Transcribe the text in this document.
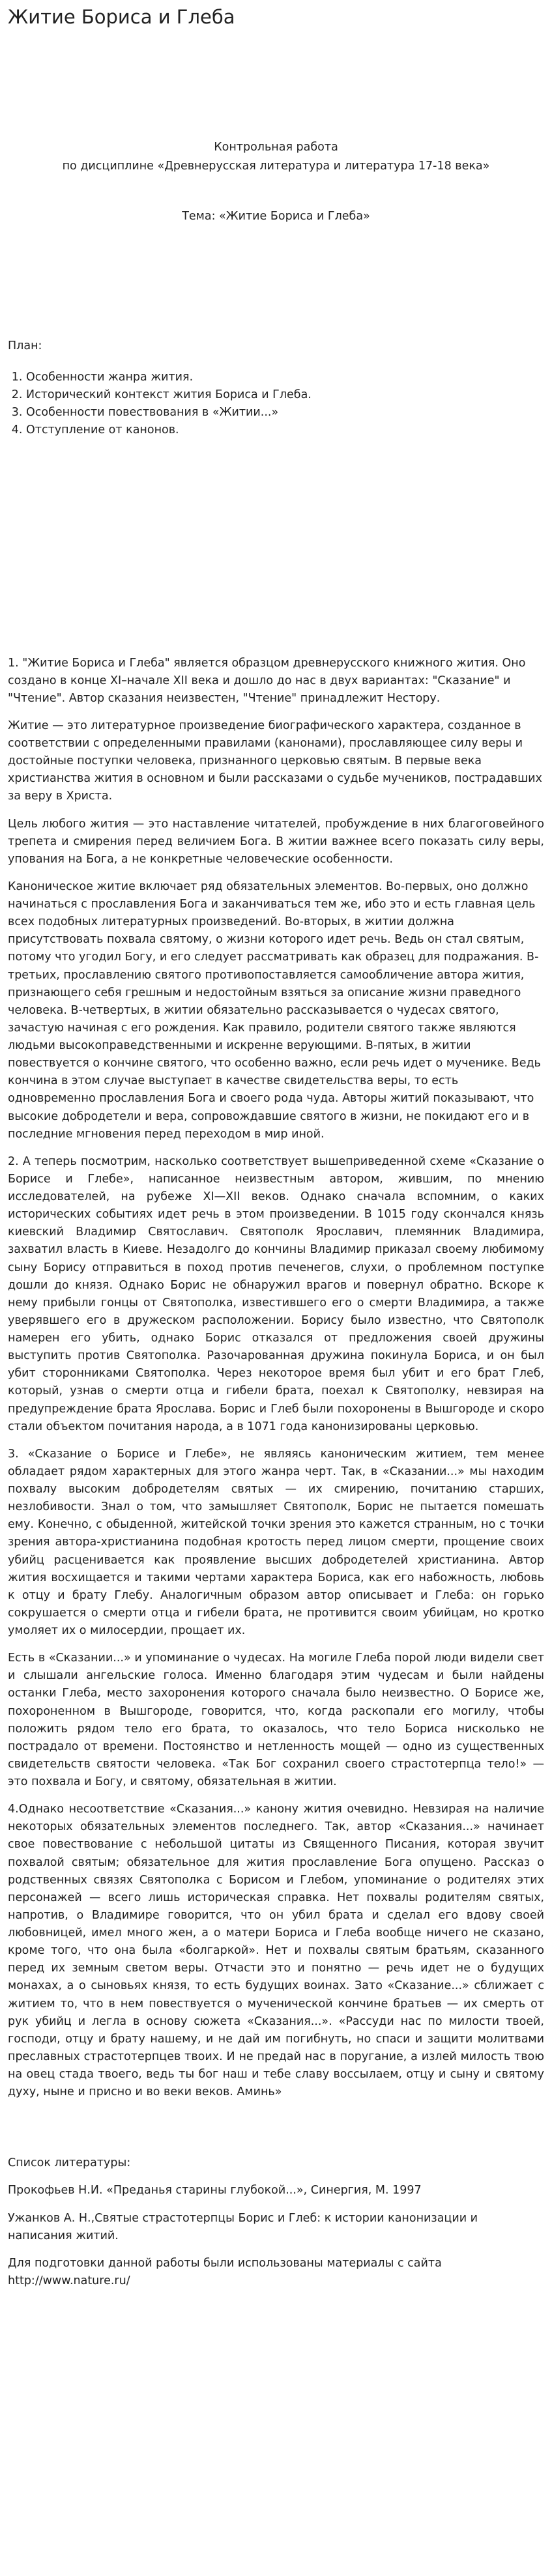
Житие Бориса и Глеба
Контрольная работа
по дисциплине «Древнерусская литература и литература 17-18 века»
Тема: «Житие Бориса и Глеба»
План:
1. Особенности жанра жития.
2. Исторический контекст жития Бориса и Глеба.
3. Особенности повествования в «Житии...»
4. Отступление от канонов.

1. "Житие Бориса и Глеба" является образцом древнерусского книжного жития. Оно создано в конце XI–начале XII века и дошло до нас в двух вариантах: "Сказание" и "Чтение". Автор сказания неизвестен, "Чтение" принадлежит Нестору.

Житие — это литературное произведение биографического характера, созданное в соответствии с определенными правилами (канонами), прославляющее силу веры и достойные поступки человека, признанного церковью святым. В первые века христианства жития в основном и были рассказами о судьбе мучеников, пострадавших за веру в Христа.

Цель любого жития — это наставление читателей, пробуждение в них благоговейного трепета и смирения перед величием Бога. В житии важнее всего показать силу веры, упования на Бога, а не конкретные человеческие особенности.

Каноническое житие включает ряд обязательных элементов. Во-первых, оно должно начинаться с прославления Бога и заканчиваться тем же, ибо это и есть главная цель всех подобных литературных произведений. Во-вторых, в житии должна присутствовать похвала святому, о жизни которого идет речь. Ведь он стал святым, потому что угодил Богу, и его следует рассматривать как образец для подражания. В-третьих, прославлению святого противопоставляется самообличение автора жития, признающего себя грешным и недостойным взяться за описание жизни праведного человека. В-четвертых, в житии обязательно рассказывается о чудесах святого, зачастую начиная с его рождения. Как правило, родители святого также являются людьми высокоправедственными и искренне верующими. В-пятых, в житии повествуется о кончине святого, что особенно важно, если речь идет о мученике. Ведь кончина в этом случае выступает в качестве свидетельства веры, то есть одновременно прославления Бога и своего рода чуда. Авторы житий показывают, что высокие добродетели и вера, сопровождавшие святого в жизни, не покидают его и в последние мгновения перед переходом в мир иной.

2. А теперь посмотрим, насколько соответствует вышеприведенной схеме «Сказание о Борисе и Глебе», написанное неизвестным автором, жившим, по мнению исследователей, на рубеже XI—XII веков. Однако сначала вспомним, о каких исторических событиях идет речь в этом произведении. В 1015 году скончался князь киевский Владимир Святославич. Святополк Ярославич, племянник Владимира, захватил власть в Киеве. Незадолго до кончины Владимир приказал своему любимому сыну Борису отправиться в поход против печенегов, слухи, о проблемном поступке дошли до князя. Однако Борис не обнаружил врагов и повернул обратно. Вскоре к нему прибыли гонцы от Святополка, известившего его о смерти Владимира, а также уверявшего его в дружеском расположении. Борису было известно, что Святополк намерен его убить, однако Борис отказался от предложения своей дружины выступить против Святополка. Разочарованная дружина покинула Бориса, и он был убит сторонниками Святополка. Через некоторое время был убит и его брат Глеб, который, узнав о смерти отца и гибели брата, поехал к Святополку, невзирая на предупреждение брата Ярослава. Борис и Глеб были похоронены в Вышгороде и скоро стали объектом почитания народа, а в 1071 года канонизированы церковью.

3. «Сказание о Борисе и Глебе», не являясь каноническим житием, тем менее обладает рядом характерных для этого жанра черт. Так, в «Сказании...» мы находим похвалу высоким добродетелям святых — их смирению, почитанию старших, незлобивости. Знал о том, что замышляет Святополк, Борис не пытается помешать ему. Конечно, с обыденной, житейской точки зрения это кажется странным, но с точки зрения автора-христианина подобная кротость перед лицом смерти, прощение своих убийц расценивается как проявление высших добродетелей христианина. Автор жития восхищается и такими чертами характера Бориса, как его набожность, любовь к отцу и брату Глебу. Аналогичным образом автор описывает и Глеба: он горько сокрушается о смерти отца и гибели брата, не противится своим убийцам, но кротко умоляет их о милосердии, прощает их.

Есть в «Сказании...» и упоминание о чудесах. На могиле Глеба порой люди видели свет и слышали ангельские голоса. Именно благодаря этим чудесам и были найдены останки Глеба, место захоронения которого сначала было неизвестно. О Борисе же, похороненном в Вышгороде, говорится, что, когда раскопали его могилу, чтобы положить рядом тело его брата, то оказалось, что тело Бориса нисколько не пострадало от времени. Постоянство и нетленность мощей — одно из существенных свидетельств святости человека. «Так Бог сохранил своего страстотерпца тело!» — это похвала и Богу, и святому, обязательная в житии.

4.Однако несоответствие «Сказания...» канону жития очевидно. Невзирая на наличие некоторых обязательных элементов последнего. Так, автор «Сказания...» начинает свое повествование с небольшой цитаты из Священного Писания, которая звучит похвалой святым; обязательное для жития прославление Бога опущено. Рассказ о родственных связях Святополка с Борисом и Глебом, упоминание о родителях этих персонажей — всего лишь историческая справка. Нет похвалы родителям святых, напротив, о Владимире говорится, что он убил брата и сделал его вдову своей любовницей, имел много жен, а о матери Бориса и Глеба вообще ничего не сказано, кроме того, что она была «болгаркой». Нет и похвалы святым братьям, сказанного перед их земным светом веры. Отчасти это и понятно — речь идет не о будущих монахах, а о сыновьях князя, то есть будущих воинах. Зато «Сказание...» сближает с житием то, что в нем повествуется о мученической кончине братьев — их смерть от рук убийц и легла в основу сюжета «Сказания...». «Рассуди нас по милости твоей, господи, отцу и брату нашему, и не дай им погибнуть, но спаси и защити молитвами преславных страстотерпцев твоих. И не предай нас в поругание, а излей милость твою на овец стада твоего, ведь ты бог наш и тебе славу воссылаем, отцу и сыну и святому духу, ныне и присно и во веки веков. Аминь»

Список литературы:

Прокофьев Н.И. «Преданья старины глубокой...», Синергия, М. 1997

Ужанков А. Н.,Святые страстотерпцы Борис и Глеб: к истории канонизации и написания житий.

Для подготовки данной работы были использованы материалы с сайта http://www.nature.ru/
